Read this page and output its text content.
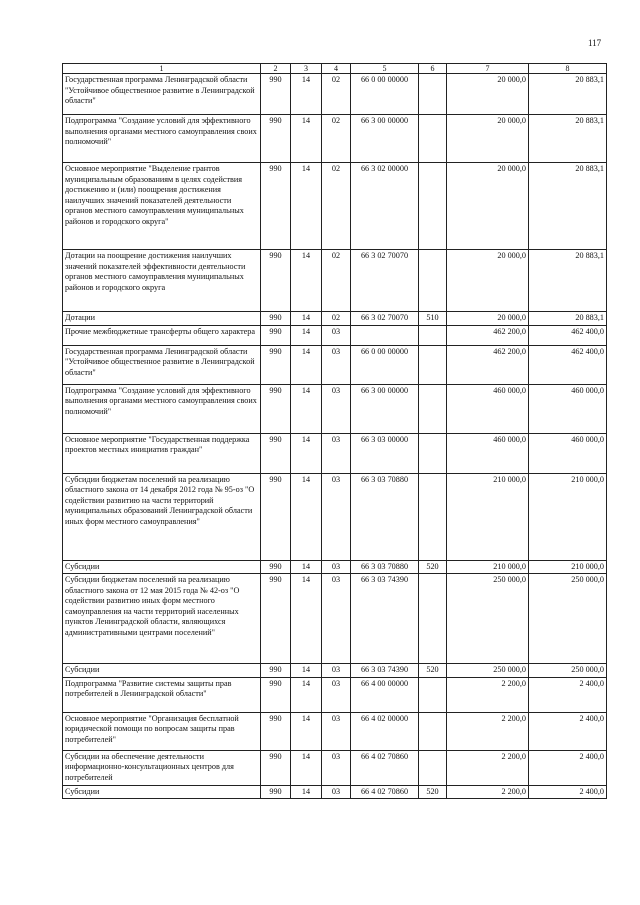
117
1	2	3	4	5	6	7	8
Государственная программа Ленинградской области "Устойчивое общественное развитие в Ленинградской области"	990	14	02	66 0 00 00000		20 000,0	20 883,1
Подпрограмма "Создание условий для эффективного выполнения органами местного самоуправления своих полномочий"	990	14	02	66 3 00 00000		20 000,0	20 883,1
Основное мероприятие "Выделение грантов муниципальным образованиям в целях содействия достижению и (или) поощрения достижения наилучших значений показателей деятельности органов местного самоуправления муниципальных районов и городского округа"	990	14	02	66 3 02 00000		20 000,0	20 883,1
Дотации на поощрение достижения наилучших значений показателей эффективности деятельности органов местного самоуправления муниципальных районов и городского округа	990	14	02	66 3 02 70070		20 000,0	20 883,1
Дотации	990	14	02	66 3 02 70070	510	20 000,0	20 883,1
Прочие межбюджетные трансферты общего характера	990	14	03			462 200,0	462 400,0
Государственная программа Ленинградской области "Устойчивое общественное развитие в Ленинградской области"	990	14	03	66 0 00 00000		462 200,0	462 400,0
Подпрограмма "Создание условий для эффективного выполнения органами местного самоуправления своих полномочий"	990	14	03	66 3 00 00000		460 000,0	460 000,0
Основное мероприятие "Государственная поддержка проектов местных инициатив граждан"	990	14	03	66 3 03 00000		460 000,0	460 000,0
Субсидии бюджетам поселений на реализацию областного закона от 14 декабря 2012 года № 95-оз "О содействии развитию на части территорий муниципальных образований Ленинградской области иных форм местного самоуправления"	990	14	03	66 3 03 70880		210 000,0	210 000,0
Субсидии	990	14	03	66 3 03 70880	520	210 000,0	210 000,0
Субсидии бюджетам поселений на реализацию областного закона от 12 мая 2015 года № 42-оз "О содействии развитию иных форм местного самоуправления на части территорий населенных пунктов Ленинградской области, являющихся административными центрами поселений"	990	14	03	66 3 03 74390		250 000,0	250 000,0
Субсидии	990	14	03	66 3 03 74390	520	250 000,0	250 000,0
Подпрограмма "Развитие системы защиты прав потребителей в Ленинградской области"	990	14	03	66 4 00 00000		2 200,0	2 400,0
Основное мероприятие "Организация бесплатной юридической помощи по вопросам защиты прав потребителей"	990	14	03	66 4 02 00000		2 200,0	2 400,0
Субсидии на обеспечение деятельности информационно-консультационных центров для потребителей	990	14	03	66 4 02 70860		2 200,0	2 400,0
Субсидии	990	14	03	66 4 02 70860	520	2 200,0	2 400,0
